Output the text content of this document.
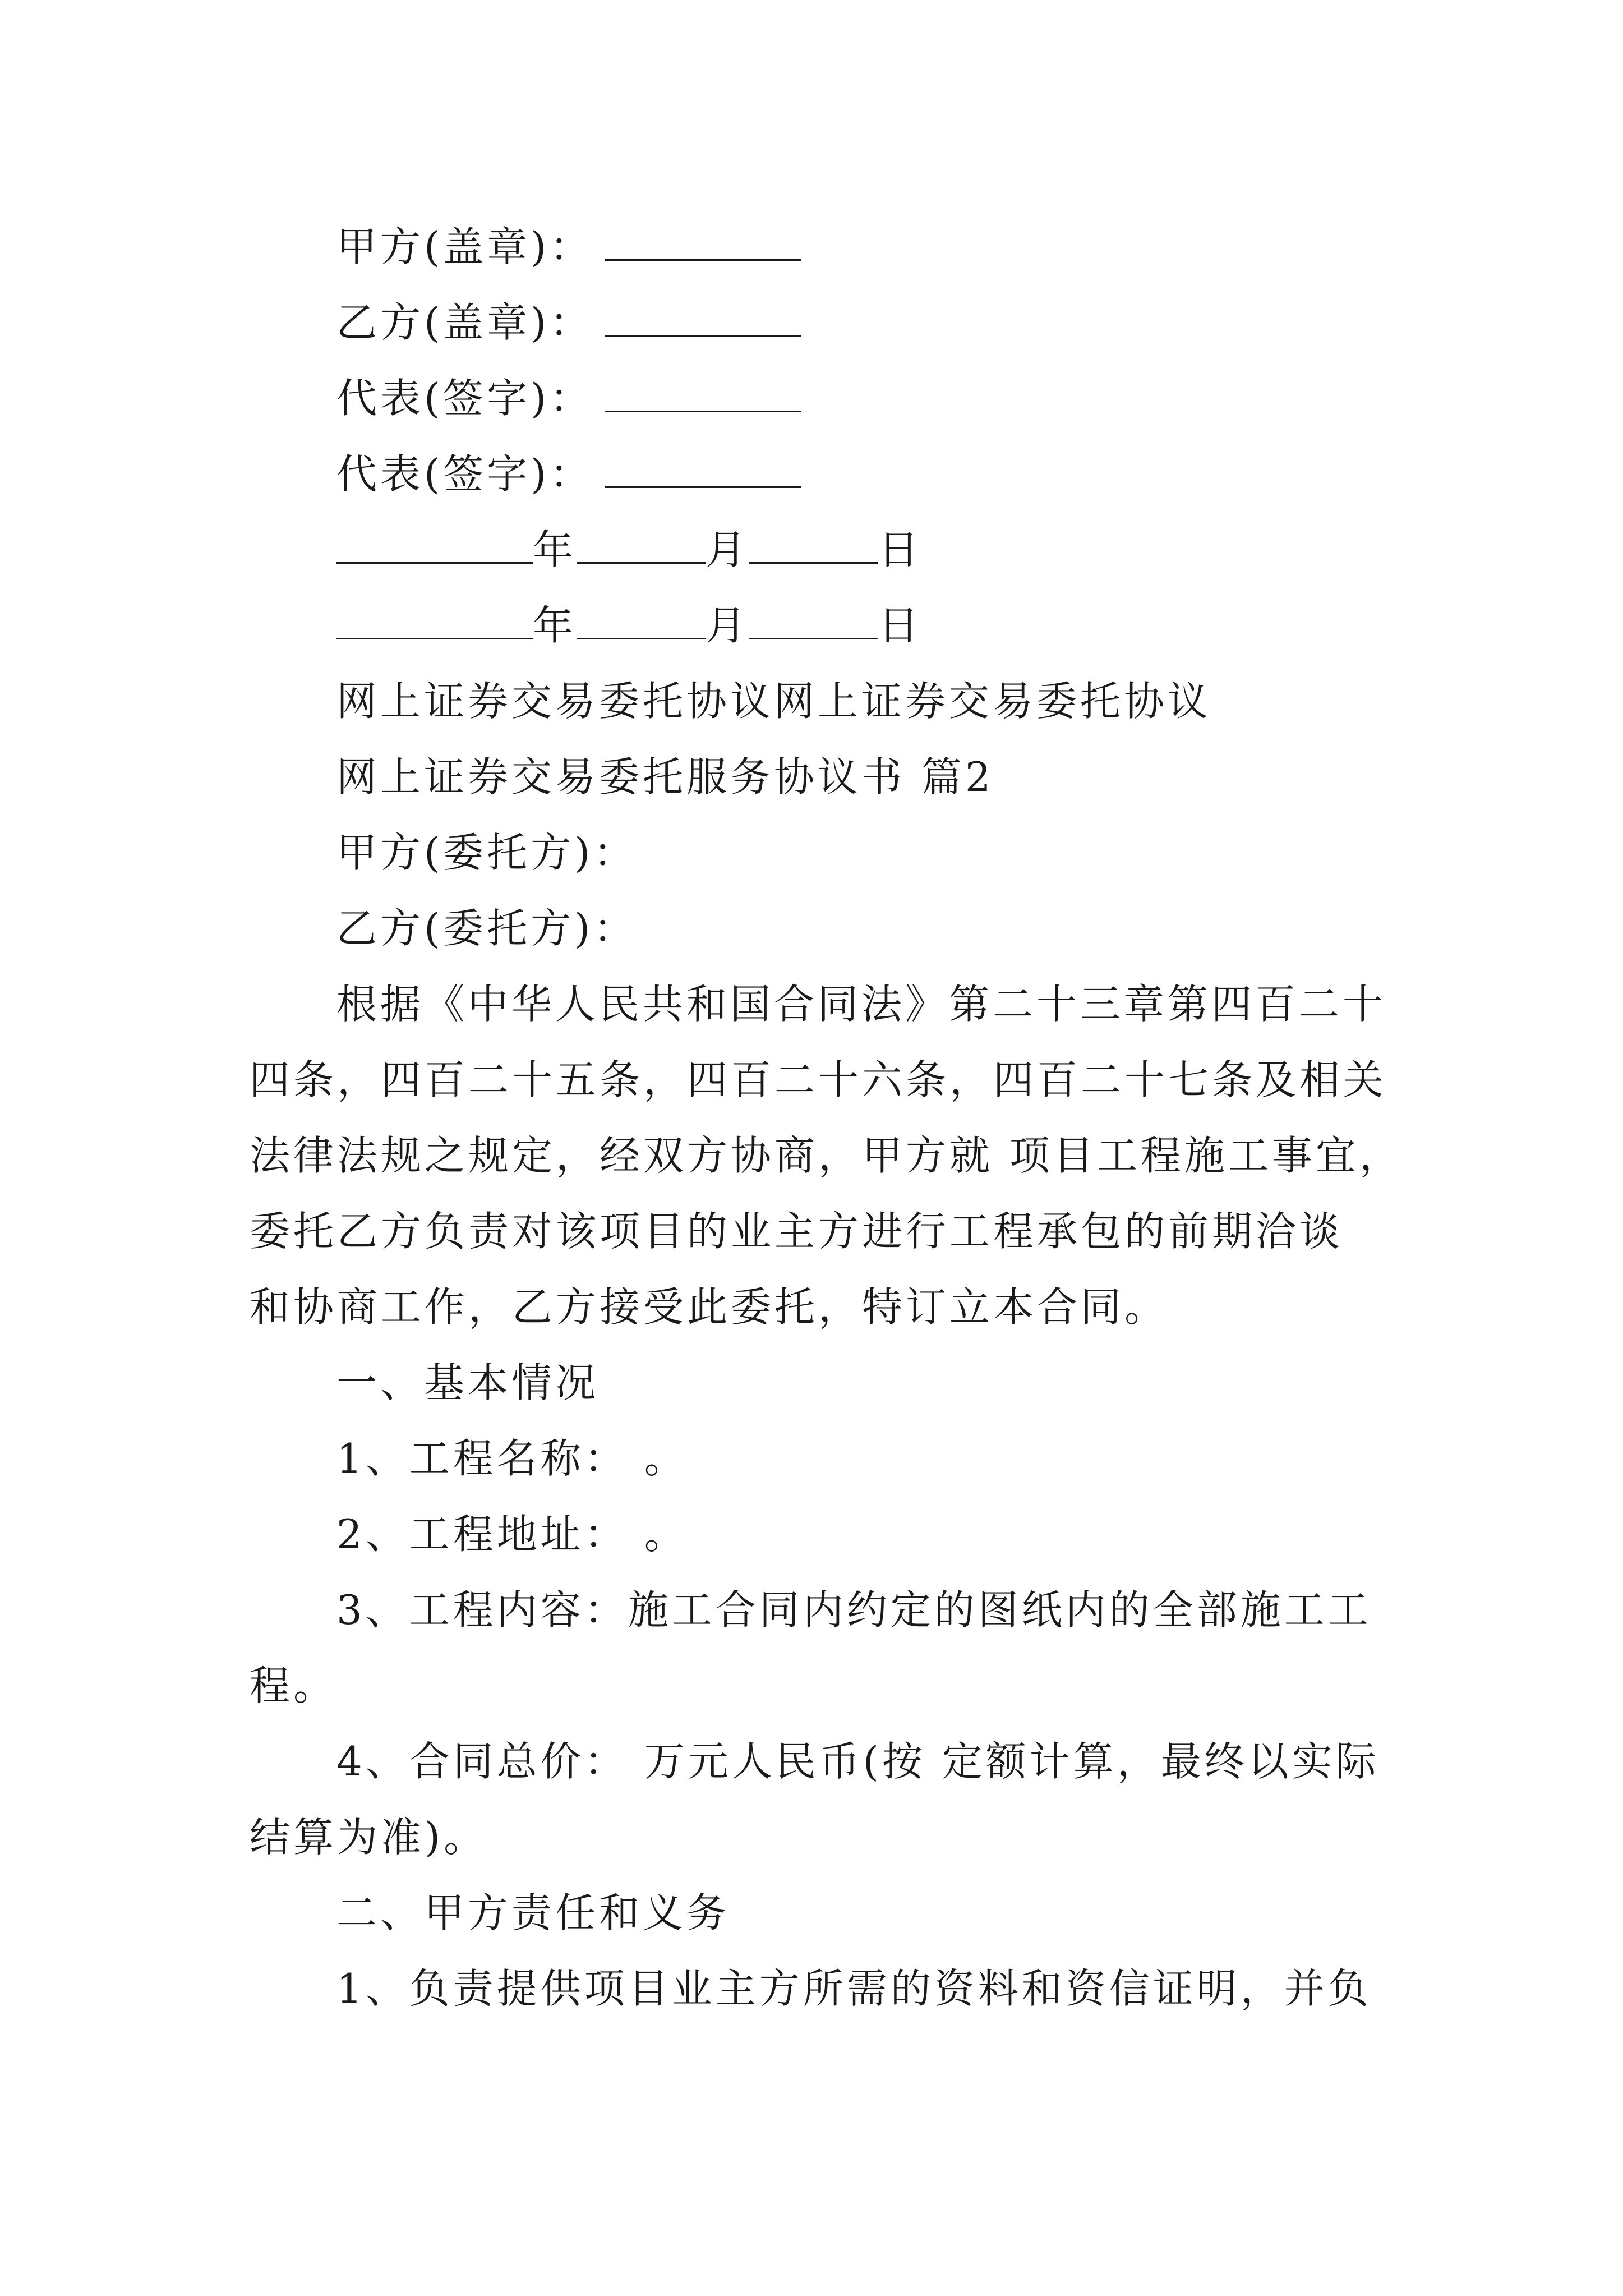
甲方(盖章)：
乙方(盖章)：
代表(签字)：
代表(签字)：
年	月	日
年	月	日
网上证券交易委托协议网上证券交易委托协议
网上证券交易委托服务协议书 篇2
甲方(委托方)：
乙方(委托方)：
根据《中华人民共和国合同法》第二十三章第四百二十
四条，四百二十五条，四百二十六条，四百二十七条及相关
法律法规之规定，经双方协商，甲方就 项目工程施工事宜，
委托乙方负责对该项目的业主方进行工程承包的前期洽谈
和协商工作，乙方接受此委托，特订立本合同。
一、基本情况
1、工程名称： 。
2、工程地址： 。
3、工程内容：施工合同内约定的图纸内的全部施工工
程。
4、合同总价： 万元人民币(按 定额计算，最终以实际
结算为准)。
二、甲方责任和义务
1、负责提供项目业主方所需的资料和资信证明，并负
